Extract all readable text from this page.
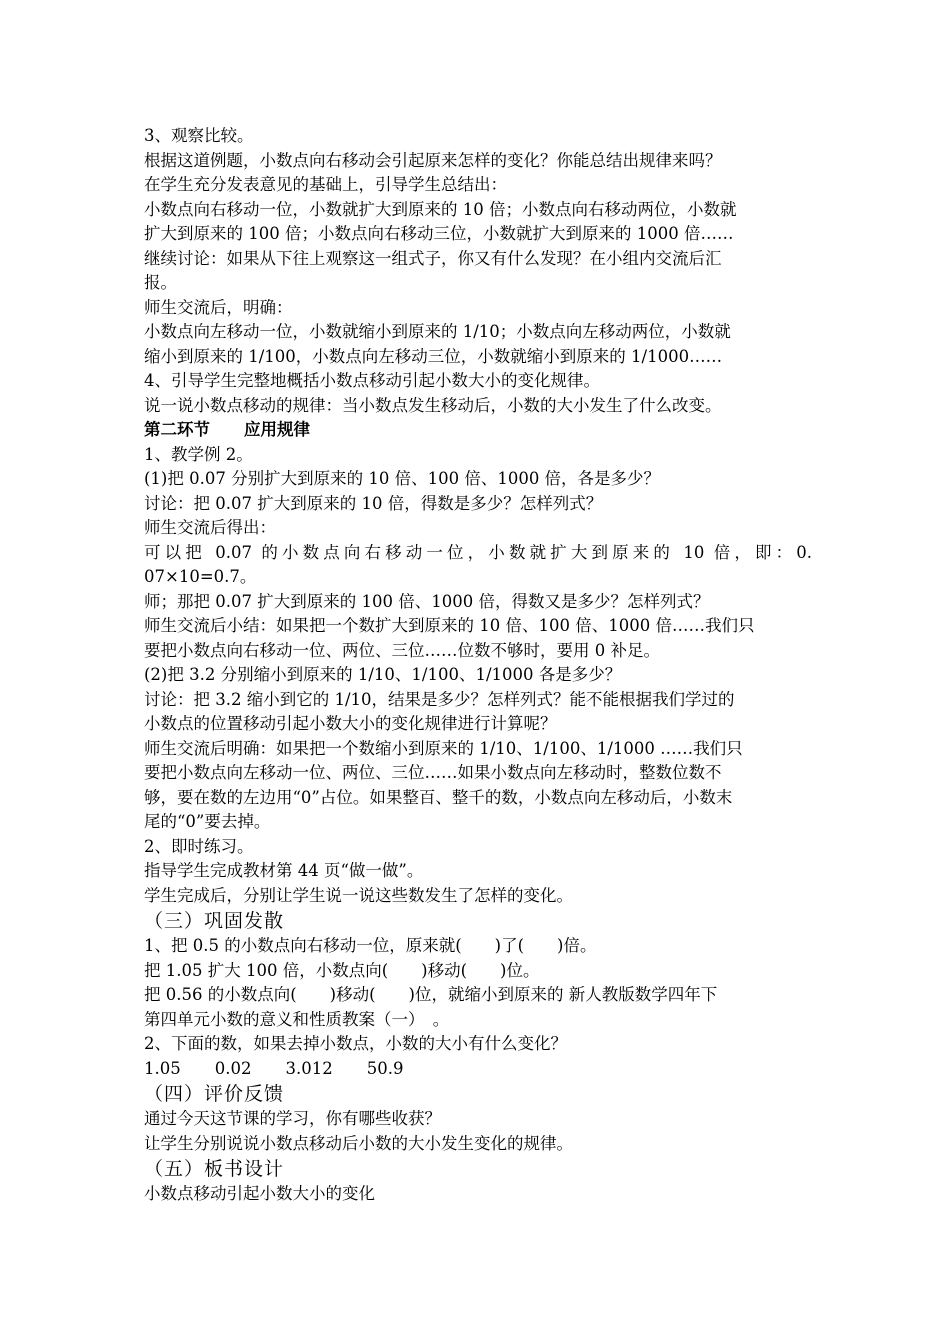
3、观察比较。
根据这道例题，小数点向右移动会引起原来怎样的变化？你能总结出规律来吗？
在学生充分发表意见的基础上，引导学生总结出：
小数点向右移动一位，小数就扩大到原来的 10 倍；小数点向右移动两位，小数就
扩大到原来的 100 倍；小数点向右移动三位，小数就扩大到原来的 1000 倍……
继续讨论：如果从下往上观察这一组式子，你又有什么发现？在小组内交流后汇
报。
师生交流后，明确：
小数点向左移动一位，小数就缩小到原来的 1/10；小数点向左移动两位，小数就
缩小到原来的 1/100，小数点向左移动三位，小数就缩小到原来的 1/1000……
4、引导学生完整地概括小数点移动引起小数大小的变化规律。
说一说小数点移动的规律：当小数点发生移动后，小数的大小发生了什么改变。
第二环节 应用规律
1、教学例 2。
(1)把 0.07 分别扩大到原来的 10 倍、100 倍、1000 倍，各是多少？
讨论：把 0.07 扩大到原来的 10 倍，得数是多少？怎样列式？
师生交流后得出：
可以把 0.07 的小数点向右移动一位，小数就扩大到原来的 10 倍，即：0.
07×10=0.7。
师；那把 0.07 扩大到原来的 100 倍、1000 倍，得数又是多少？怎样列式？
师生交流后小结：如果把一个数扩大到原来的 10 倍、100 倍、1000 倍……我们只
要把小数点向右移动一位、两位、三位……位数不够时，要用 0 补足。
(2)把 3.2 分别缩小到原来的 1/10、1/100、1/1000 各是多少？
讨论：把 3.2 缩小到它的 1/10，结果是多少？怎样列式？能不能根据我们学过的
小数点的位置移动引起小数大小的变化规律进行计算呢？
师生交流后明确：如果把一个数缩小到原来的 1/10、1/100、1/1000 ……我们只
要把小数点向左移动一位、两位、三位……如果小数点向左移动时，整数位数不
够，要在数的左边用“0”占位。如果整百、整千的数，小数点向左移动后，小数末
尾的“0”要去掉。
2、即时练习。
指导学生完成教材第 44 页“做一做”。
学生完成后，分别让学生说一说这些数发生了怎样的变化。
（三）巩固发散
1、把 0.5 的小数点向右移动一位，原来就(　　)了(　　)倍。
把 1.05 扩大 100 倍，小数点向(　　)移动(　　)位。
把 0.56 的小数点向(　　)移动(　　)位，就缩小到原来的 新人教版数学四年下
第四单元小数的意义和性质教案（一）　。
2、下面的数，如果去掉小数点，小数的大小有什么变化？
1.05 0.02 3.012 50.9
（四）评价反馈
通过今天这节课的学习，你有哪些收获？
让学生分别说说小数点移动后小数的大小发生变化的规律。
（五）板书设计
小数点移动引起小数大小的变化
